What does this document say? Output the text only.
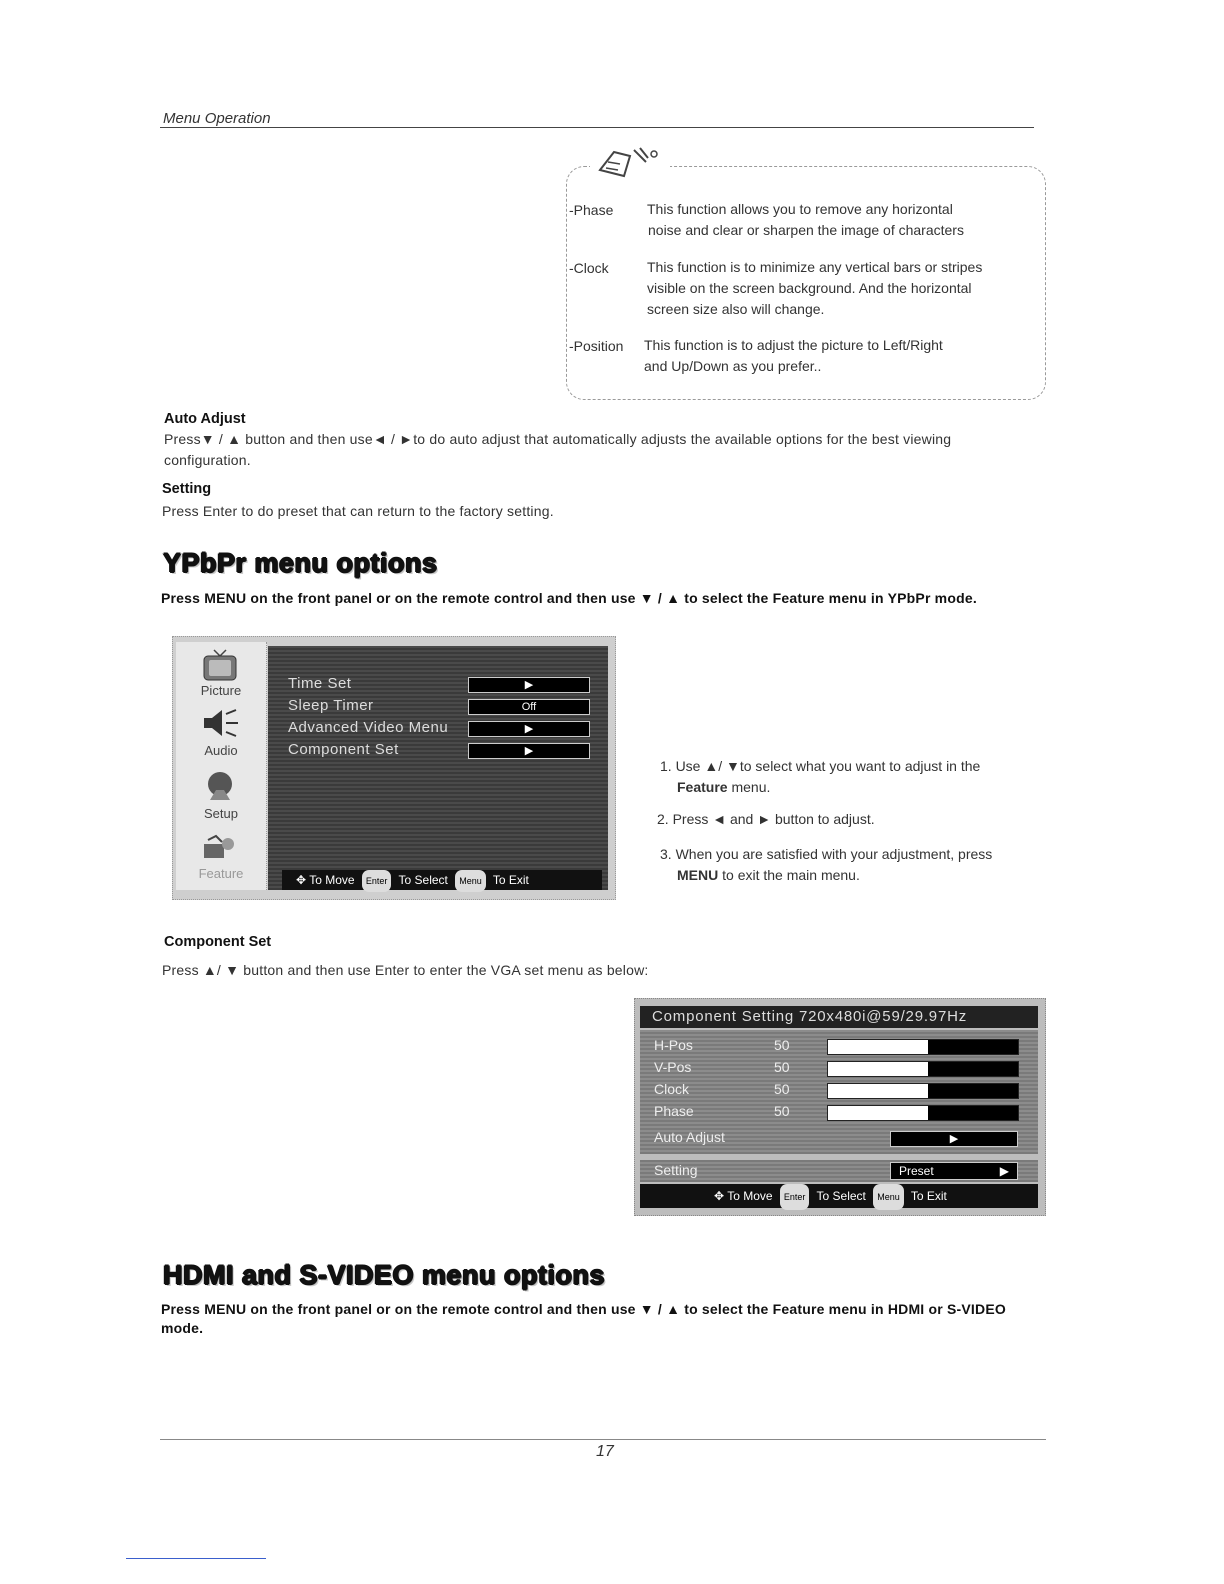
Menu Operation
-Phase This function allows you to remove any horizontal
noise and clear or sharpen the image of characters
-Clock	This function is to minimize any vertical bars or stripes
visible on the screen background. And the horizontal
screen size also will change.
-Position This function is to adjust the picture to Left/Right
and Up/Down as you prefer..
Auto Adjust
Press▼ / ▲ button and then use◄ / ►to do auto adjust that automatically adjusts the available options for the best viewing
configuration.
Setting
Press Enter to do preset that can return to the factory setting.
YPbPr menu options
Press MENU on the front panel or on the remote control and then use ▼ / ▲ to select the Feature menu in YPbPr mode.
Picture
Audio
Setup
Feature
Time Set	▶
Sleep Timer	Off
Advanced Video Menu	▶
Component Set	▶
✥ To Move Enter To Select Menu To Exit
1. Use ▲/ ▼to select what you want to adjust in the
Feature menu.
2. Press ◄ and ► button to adjust.
3. When you are satisfied with your adjustment, press
MENU to exit the main menu.
Component Set
Press ▲/ ▼ button and then use Enter to enter the VGA set menu as below:
Component Setting 720x480i@59/29.97Hz
H-Pos	50
V-Pos	50
Clock	50
Phase	50
Auto Adjust	▶
Setting	Preset	▶
✥ To Move Enter To Select Menu To Exit
HDMI and S-VIDEO menu options
Press MENU on the front panel or on the remote control and then use ▼ / ▲ to select the Feature menu in HDMI or S-VIDEO
mode.
17
